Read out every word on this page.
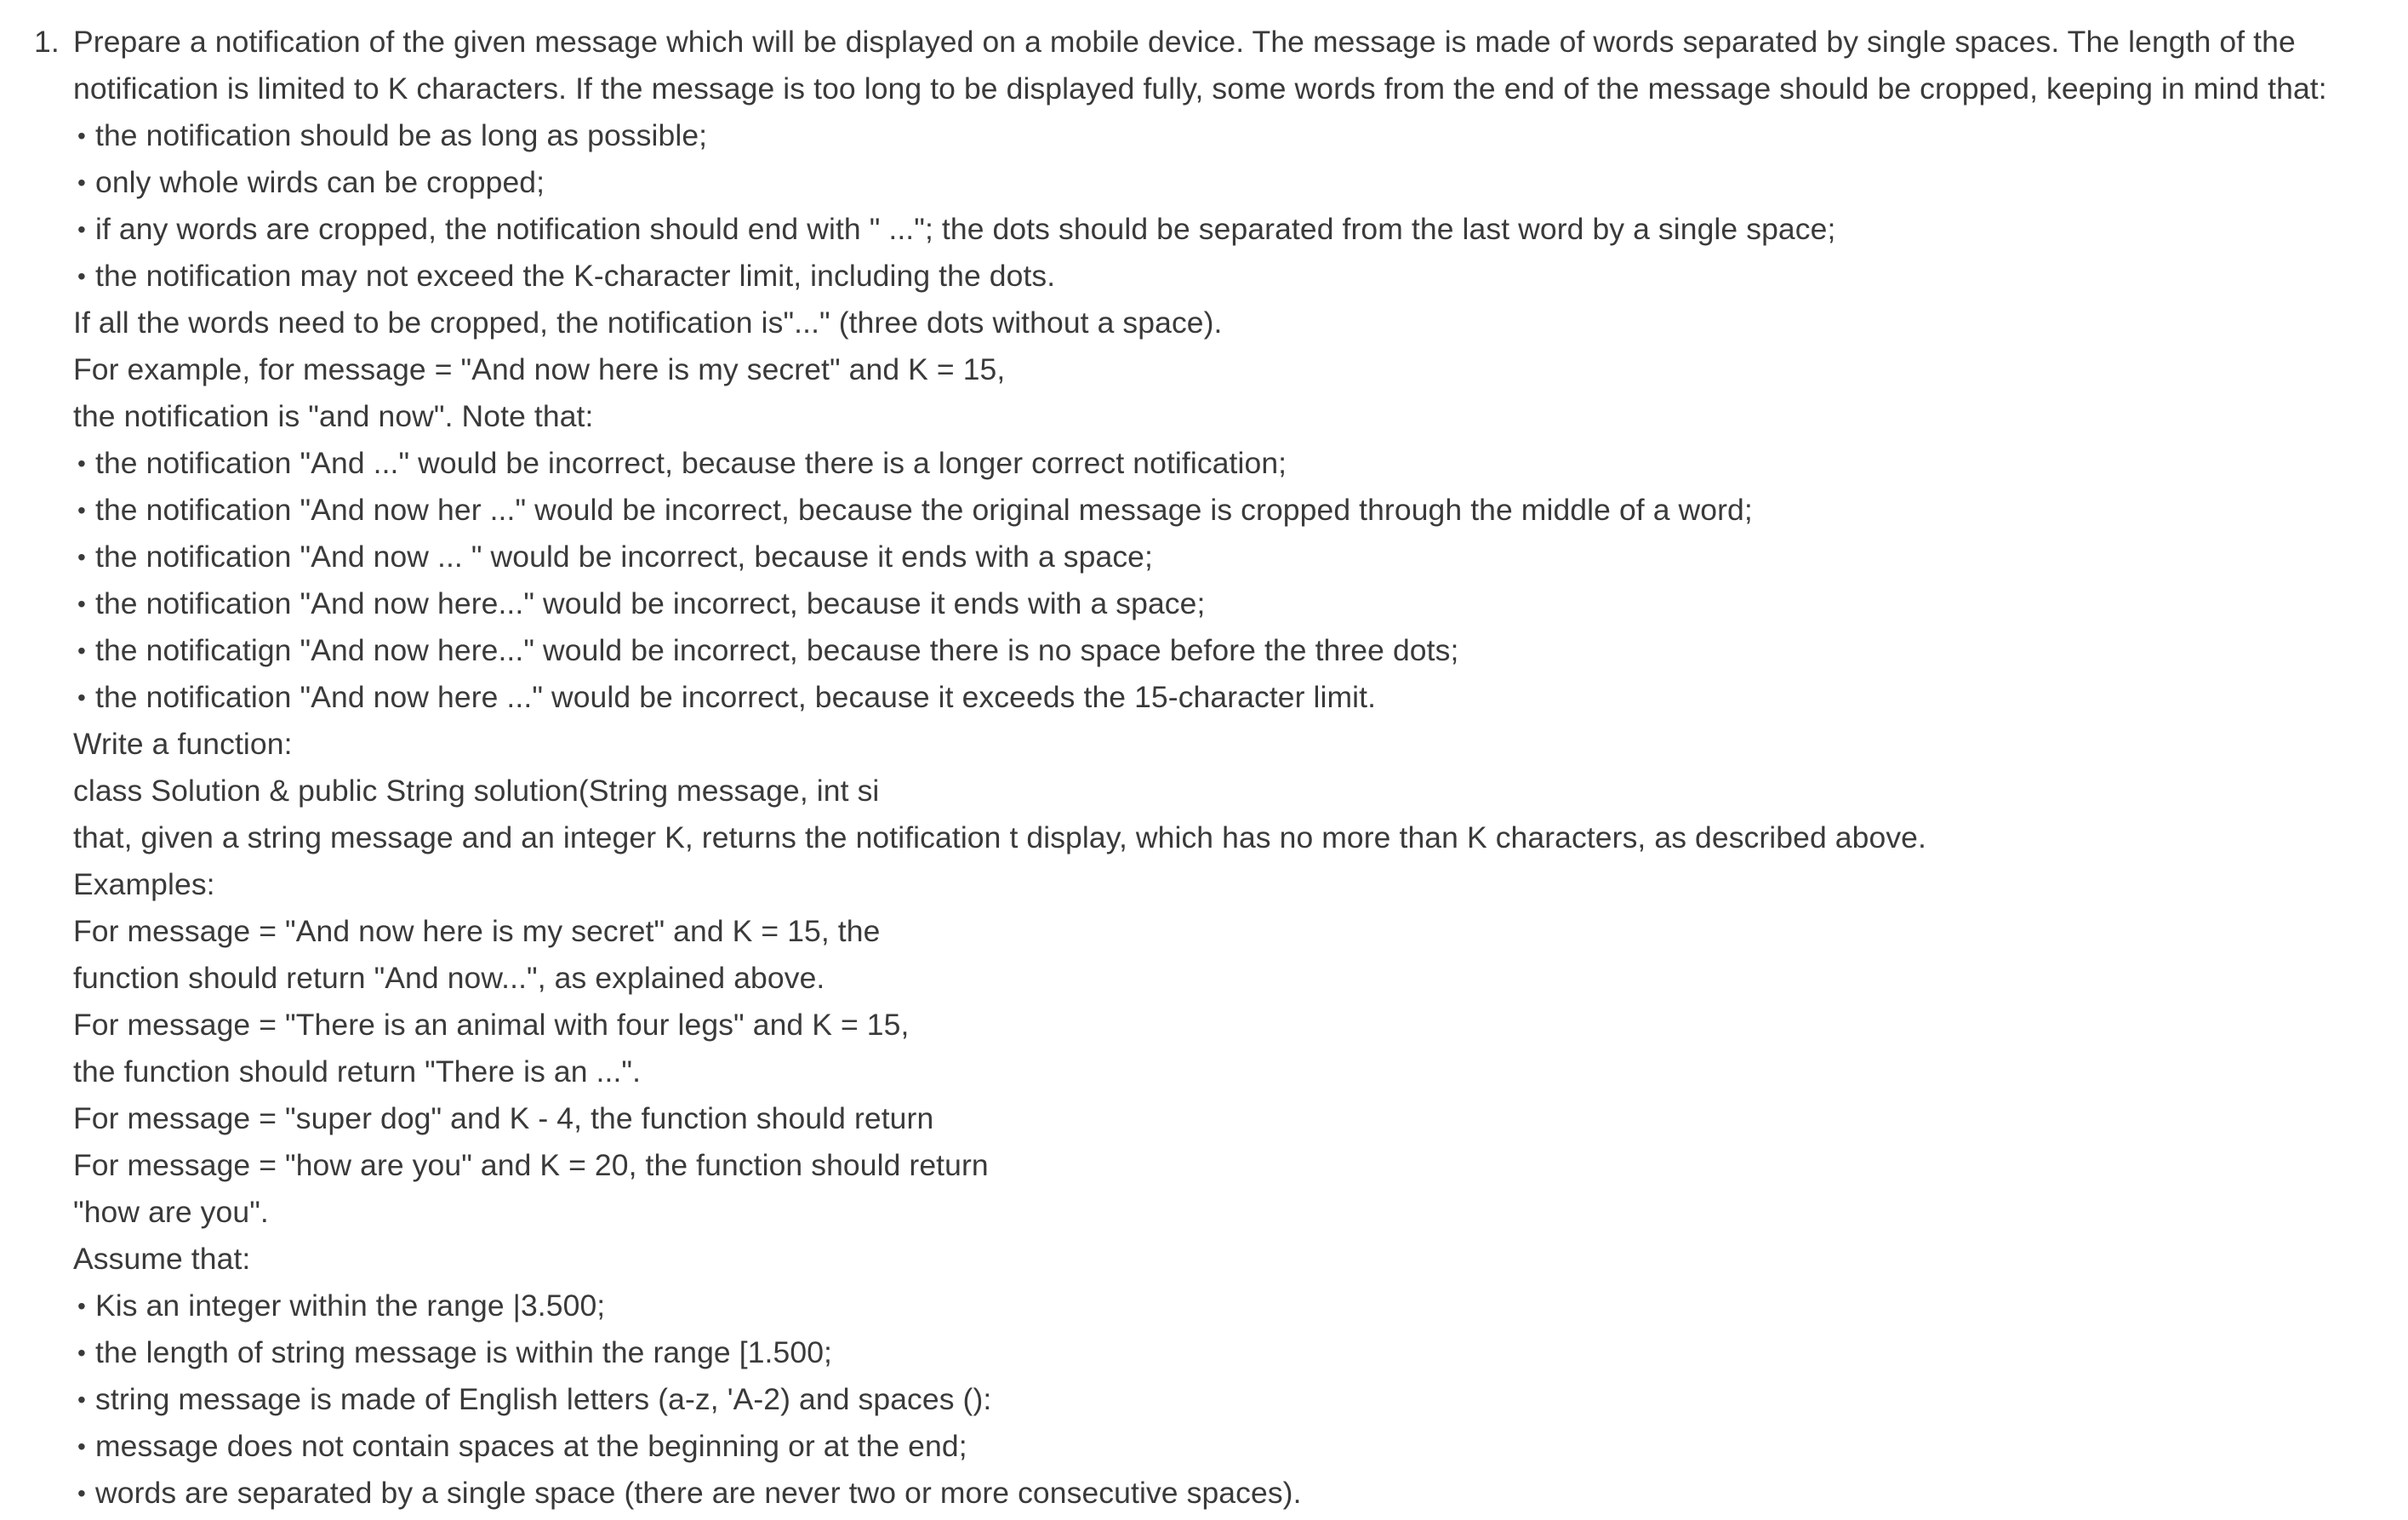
1. Prepare a notification of the given message which will be displayed on a mobile device. The message is made of words separated by single spaces. The length of the
notification is limited to K characters. If the message is too long to be displayed fully, some words from the end of the message should be cropped, keeping in mind that:
• the notification should be as long as possible;
• only whole wirds can be cropped;
• if any words are cropped, the notification should end with " ..."; the dots should be separated from the last word by a single space;
• the notification may not exceed the K-character limit, including the dots.
If all the words need to be cropped, the notification is"..." (three dots without a space).
For example, for message = "And now here is my secret" and K = 15,
the notification is "and now". Note that:
• the notification "And ..." would be incorrect, because there is a longer correct notification;
• the notification "And now her ..." would be incorrect, because the original message is cropped through the middle of a word;
• the notification "And now ... " would be incorrect, because it ends with a space;
• the notification "And now here..." would be incorrect, because it ends with a space;
• the notificatign "And now here..." would be incorrect, because there is no space before the three dots;
• the notification "And now here ..." would be incorrect, because it exceeds the 15-character limit.
Write a function:
class Solution & public String solution(String message, int si
that, given a string message and an integer K, returns the notification t display, which has no more than K characters, as described above.
Examples:
For message = "And now here is my secret" and K = 15, the
function should return "And now...", as explained above.
For message = "There is an animal with four legs" and K = 15,
the function should return "There is an ...".
For message = "super dog" and K - 4, the function should return
For message = "how are you" and K = 20, the function should return
"how are you".
Assume that:
• Kis an integer within the range |3.500;
• the length of string message is within the range [1.500;
• string message is made of English letters (a-z, 'A-2) and spaces ():
• message does not contain spaces at the beginning or at the end;
• words are separated by a single space (there are never two or more consecutive spaces).
